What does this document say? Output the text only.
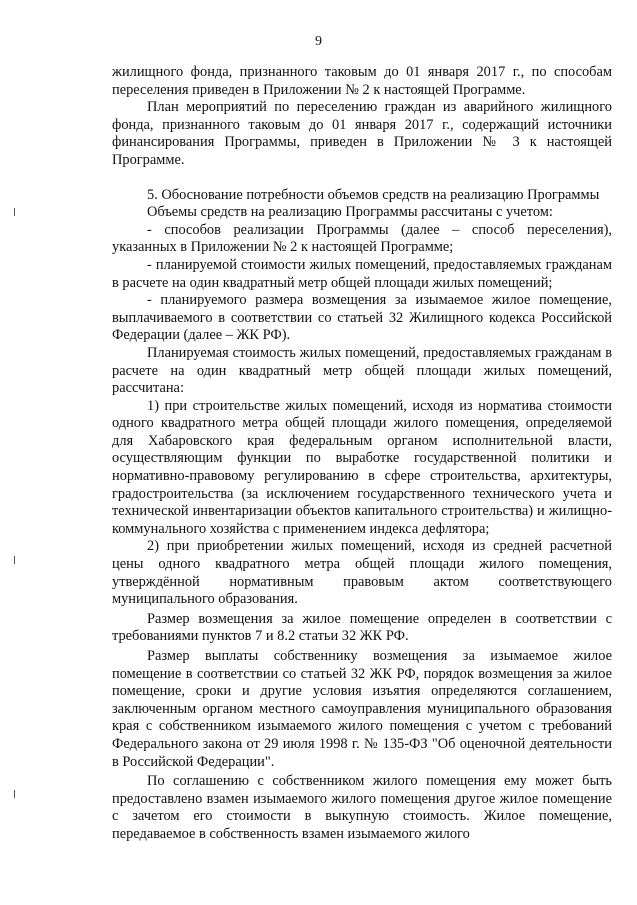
9

жилищного фонда, признанного таковым до 01 января 2017 г., по способам переселения приведен в Приложении № 2 к настоящей Программе.

План мероприятий по переселению граждан из аварийного жилищного фонда, признанного таковым до 01 января 2017 г., содержащий источники финансирования Программы, приведен в Приложении № 3 к настоящей Программе.

5. Обоснование потребности объемов средств на реализацию Программы

Объемы средств на реализацию Программы рассчитаны с учетом:

- способов реализации Программы (далее – способ переселения), указанных в Приложении № 2 к настоящей Программе;

- планируемой стоимости жилых помещений, предоставляемых гражданам в расчете на один квадратный метр общей площади жилых помещений;

- планируемого размера возмещения за изымаемое жилое помещение, выплачиваемого в соответствии со статьей 32 Жилищного кодекса Российской Федерации (далее – ЖК РФ).

Планируемая стоимость жилых помещений, предоставляемых гражданам в расчете на один квадратный метр общей площади жилых помещений, рассчитана:

1) при строительстве жилых помещений, исходя из норматива стоимости одного квадратного метра общей площади жилого помещения, определяемой для Хабаровского края федеральным органом исполнительной власти, осуществляющим функции по выработке государственной политики и нормативно-правовому регулированию в сфере строительства, архитектуры, градостроительства (за исключением государственного технического учета и технической инвентаризации объектов капитального строительства) и жилищно-коммунального хозяйства с применением индекса дефлятора;

2) при приобретении жилых помещений, исходя из средней расчетной цены одного квадратного метра общей площади жилого помещения, утверждённой нормативным правовым актом соответствующего муниципального образования.

Размер возмещения за жилое помещение определен в соответствии с требованиями пунктов 7 и 8.2 статьи 32 ЖК РФ.

Размер выплаты собственнику возмещения за изымаемое жилое помещение в соответствии со статьей 32 ЖК РФ, порядок возмещения за жилое помещение, сроки и другие условия изъятия определяются соглашением, заключенным органом местного самоуправления муниципального образования края с собственником изымаемого жилого помещения с учетом с требований Федерального закона от 29 июля 1998 г. № 135-ФЗ "Об оценочной деятельности в Российской Федерации".

По соглашению с собственником жилого помещения ему может быть предоставлено взамен изымаемого жилого помещения другое жилое помещение с зачетом его стоимости в выкупную стоимость. Жилое помещение, передаваемое в собственность взамен изымаемого жилого
